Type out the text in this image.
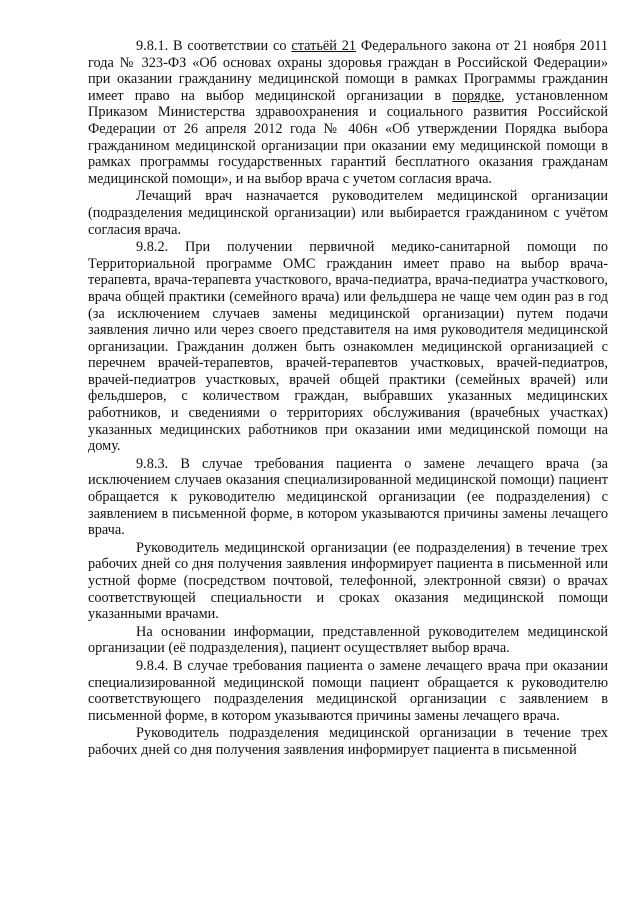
9.8.1. В соответствии со статьёй 21 Федерального закона от 21 ноября 2011 года № 323-ФЗ «Об основах охраны здоровья граждан в Российской Федерации» при оказании гражданину медицинской помощи в рамках Программы гражданин имеет право на выбор медицинской организации в порядке, установленном Приказом Министерства здравоохранения и социального развития Российской Федерации от 26 апреля 2012 года № 406н «Об утверждении Порядка выбора гражданином медицинской организации при оказании ему медицинской помощи в рамках программы государственных гарантий бесплатного оказания гражданам медицинской помощи», и на выбор врача с учетом согласия врача.

Лечащий врач назначается руководителем медицинской организации (подразделения медицинской организации) или выбирается гражданином с учётом согласия врача.

9.8.2. При получении первичной медико-санитарной помощи по Территориальной программе ОМС гражданин имеет право на выбор врача-терапевта, врача-терапевта участкового, врача-педиатра, врача-педиатра участкового, врача общей практики (семейного врача) или фельдшера не чаще чем один раз в год (за исключением случаев замены медицинской организации) путем подачи заявления лично или через своего представителя на имя руководителя медицинской организации. Гражданин должен быть ознакомлен медицинской организацией с перечнем врачей-терапевтов, врачей-терапевтов участковых, врачей-педиатров, врачей-педиатров участковых, врачей общей практики (семейных врачей) или фельдшеров, с количеством граждан, выбравших указанных медицинских работников, и сведениями о территориях обслуживания (врачебных участках) указанных медицинских работников при оказании ими медицинской помощи на дому.

9.8.3. В случае требования пациента о замене лечащего врача (за исключением случаев оказания специализированной медицинской помощи) пациент обращается к руководителю медицинской организации (ее подразделения) с заявлением в письменной форме, в котором указываются причины замены лечащего врача.

Руководитель медицинской организации (ее подразделения) в течение трех рабочих дней со дня получения заявления информирует пациента в письменной или устной форме (посредством почтовой, телефонной, электронной связи) о врачах соответствующей специальности и сроках оказания медицинской помощи указанными врачами.

На основании информации, представленной руководителем медицинской организации (её подразделения), пациент осуществляет выбор врача.

9.8.4. В случае требования пациента о замене лечащего врача при оказании специализированной медицинской помощи пациент обращается к руководителю соответствующего подразделения медицинской организации с заявлением в письменной форме, в котором указываются причины замены лечащего врача.

Руководитель подразделения медицинской организации в течение трех рабочих дней со дня получения заявления информирует пациента в письменной
